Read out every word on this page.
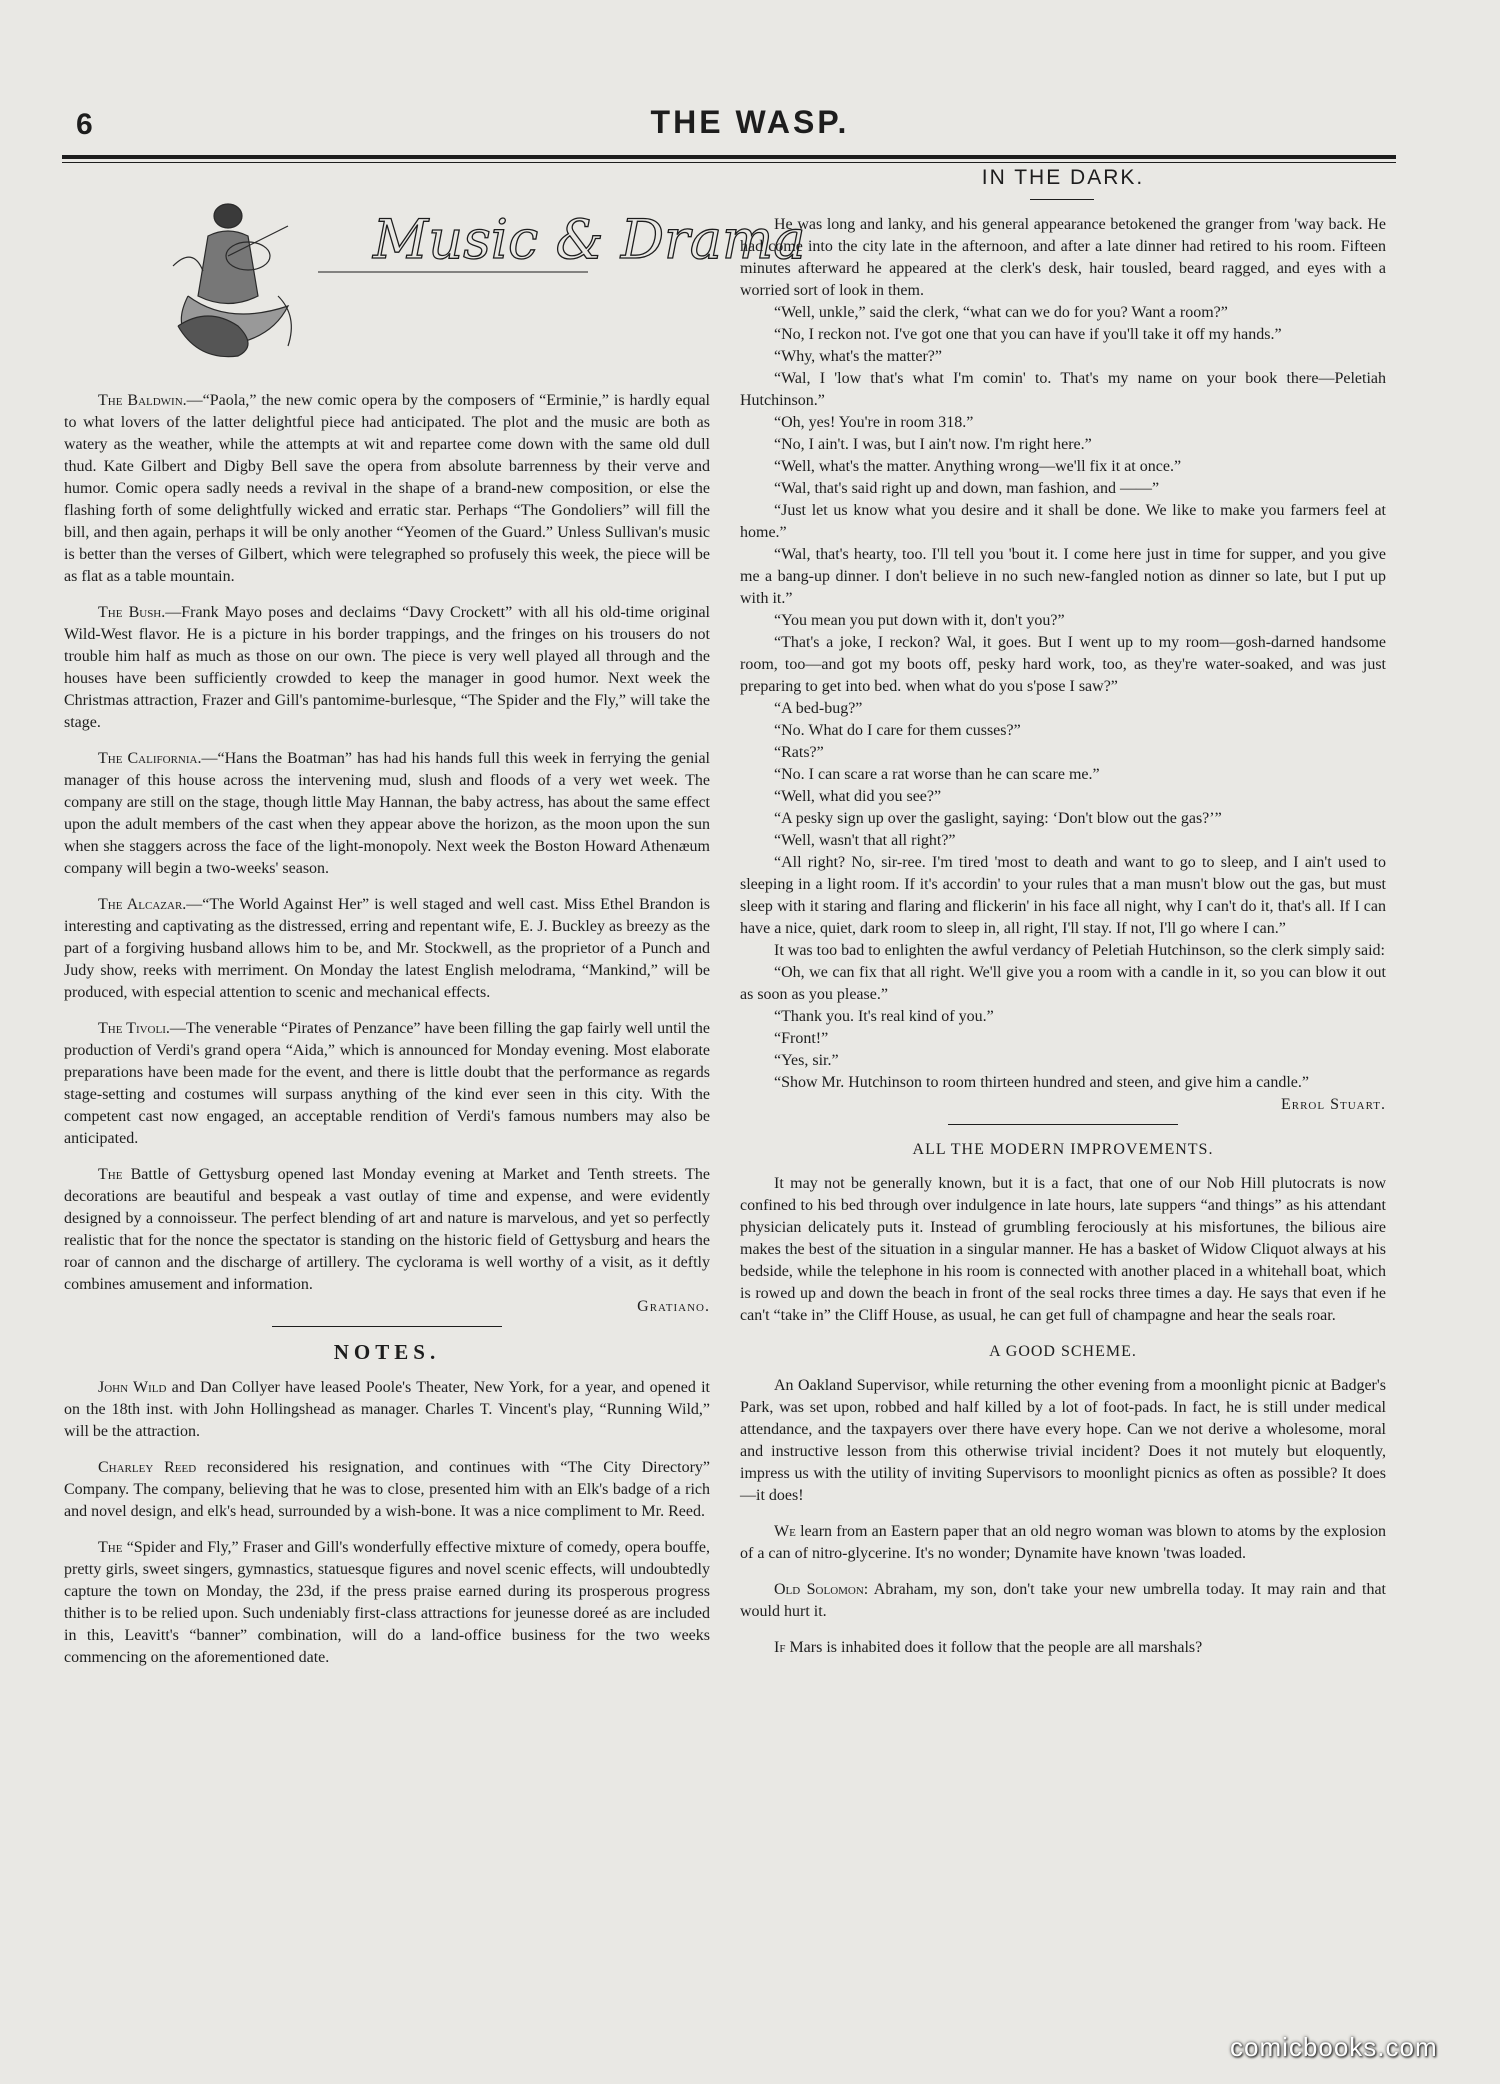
6	THE WASP.
Music & Drama

The Baldwin.—“Paola,” the new comic opera by the composers of “Erminie,” is hardly equal to what lovers of the latter delightful piece had anticipated. The plot and the music are both as watery as the weather, while the attempts at wit and repartee come down with the same old dull thud. Kate Gilbert and Digby Bell save the opera from absolute barrenness by their verve and humor. Comic opera sadly needs a revival in the shape of a brand-new composition, or else the flashing forth of some delightfully wicked and erratic star. Perhaps “The Gondoliers” will fill the bill, and then again, perhaps it will be only another “Yeomen of the Guard.” Unless Sullivan's music is better than the verses of Gilbert, which were telegraphed so profusely this week, the piece will be as flat as a table mountain.

The Bush.—Frank Mayo poses and declaims “Davy Crockett” with all his old-time original Wild-West flavor. He is a picture in his border trappings, and the fringes on his trousers do not trouble him half as much as those on our own. The piece is very well played all through and the houses have been sufficiently crowded to keep the manager in good humor. Next week the Christmas attraction, Frazer and Gill's pantomime-burlesque, “The Spider and the Fly,” will take the stage.

The California.—“Hans the Boatman” has had his hands full this week in ferrying the genial manager of this house across the intervening mud, slush and floods of a very wet week. The company are still on the stage, though little May Hannan, the baby actress, has about the same effect upon the adult members of the cast when they appear above the horizon, as the moon upon the sun when she staggers across the face of the light-monopoly. Next week the Boston Howard Athenæum company will begin a two-weeks' season.

The Alcazar.—“The World Against Her” is well staged and well cast. Miss Ethel Brandon is interesting and captivating as the distressed, erring and repentant wife, E. J. Buckley as breezy as the part of a forgiving husband allows him to be, and Mr. Stockwell, as the proprietor of a Punch and Judy show, reeks with merriment. On Monday the latest English melodrama, “Mankind,” will be produced, with especial attention to scenic and mechanical effects.

The Tivoli.—The venerable “Pirates of Penzance” have been filling the gap fairly well until the production of Verdi's grand opera “Aida,” which is announced for Monday evening. Most elaborate preparations have been made for the event, and there is little doubt that the performance as regards stage-setting and costumes will surpass anything of the kind ever seen in this city. With the competent cast now engaged, an acceptable rendition of Verdi's famous numbers may also be anticipated.

The Battle of Gettysburg opened last Monday evening at Market and Tenth streets. The decorations are beautiful and bespeak a vast outlay of time and expense, and were evidently designed by a connoisseur. The perfect blending of art and nature is marvelous, and yet so perfectly realistic that for the nonce the spectator is standing on the historic field of Gettysburg and hears the roar of cannon and the discharge of artillery. The cyclorama is well worthy of a visit, as it deftly combines amusement and information.

Gratiano.
NOTES.

John Wild and Dan Collyer have leased Poole's Theater, New York, for a year, and opened it on the 18th inst. with John Hollingshead as manager. Charles T. Vincent's play, “Running Wild,” will be the attraction.

Charley Reed reconsidered his resignation, and continues with “The City Directory” Company. The company, believing that he was to close, presented him with an Elk's badge of a rich and novel design, and elk's head, surrounded by a wish-bone. It was a nice compliment to Mr. Reed.

The “Spider and Fly,” Fraser and Gill's wonderfully effective mixture of comedy, opera bouffe, pretty girls, sweet singers, gymnastics, statuesque figures and novel scenic effects, will undoubtedly capture the town on Monday, the 23d, if the press praise earned during its prosperous progress thither is to be relied upon. Such undeniably first-class attractions for jeunesse doreé as are included in this, Leavitt's “banner” combination, will do a land-office business for the two weeks commencing on the aforementioned date.

IN THE DARK.

He was long and lanky, and his general appearance betokened the granger from 'way back. He had come into the city late in the afternoon, and after a late dinner had retired to his room. Fifteen minutes afterward he appeared at the clerk's desk, hair tousled, beard ragged, and eyes with a worried sort of look in them.

“Well, unkle,” said the clerk, “what can we do for you? Want a room?”

“No, I reckon not. I've got one that you can have if you'll take it off my hands.”

“Why, what's the matter?”

“Wal, I 'low that's what I'm comin' to. That's my name on your book there—Peletiah Hutchinson.”

“Oh, yes! You're in room 318.”

“No, I ain't. I was, but I ain't now. I'm right here.”

“Well, what's the matter. Anything wrong—we'll fix it at once.”

“Wal, that's said right up and down, man fashion, and ——”

“Just let us know what you desire and it shall be done. We like to make you farmers feel at home.”

“Wal, that's hearty, too. I'll tell you 'bout it. I come here just in time for supper, and you give me a bang-up dinner. I don't believe in no such new-fangled notion as dinner so late, but I put up with it.”

“You mean you put down with it, don't you?”

“That's a joke, I reckon? Wal, it goes. But I went up to my room—gosh-darned handsome room, too—and got my boots off, pesky hard work, too, as they're water-soaked, and was just preparing to get into bed. when what do you s'pose I saw?”

“A bed-bug?”

“No. What do I care for them cusses?”

“Rats?”

“No. I can scare a rat worse than he can scare me.”

“Well, what did you see?”

“A pesky sign up over the gaslight, saying: ‘Don't blow out the gas?’”

“Well, wasn't that all right?”

“All right? No, sir-ree. I'm tired 'most to death and want to go to sleep, and I ain't used to sleeping in a light room. If it's accordin' to your rules that a man musn't blow out the gas, but must sleep with it staring and flaring and flickerin' in his face all night, why I can't do it, that's all. If I can have a nice, quiet, dark room to sleep in, all right, I'll stay. If not, I'll go where I can.”

It was too bad to enlighten the awful verdancy of Peletiah Hutchinson, so the clerk simply said:

“Oh, we can fix that all right. We'll give you a room with a candle in it, so you can blow it out as soon as you please.”

“Thank you. It's real kind of you.”

“Front!”

“Yes, sir.”

“Show Mr. Hutchinson to room thirteen hundred and steen, and give him a candle.”

Errol Stuart.
ALL THE MODERN IMPROVEMENTS.

It may not be generally known, but it is a fact, that one of our Nob Hill plutocrats is now confined to his bed through over indulgence in late hours, late suppers “and things” as his attendant physician delicately puts it. Instead of grumbling ferociously at his misfortunes, the bilious aire makes the best of the situation in a singular manner. He has a basket of Widow Cliquot always at his bedside, while the telephone in his room is connected with another placed in a whitehall boat, which is rowed up and down the beach in front of the seal rocks three times a day. He says that even if he can't “take in” the Cliff House, as usual, he can get full of champagne and hear the seals roar.

A GOOD SCHEME.

An Oakland Supervisor, while returning the other evening from a moonlight picnic at Badger's Park, was set upon, robbed and half killed by a lot of foot-pads. In fact, he is still under medical attendance, and the taxpayers over there have every hope. Can we not derive a wholesome, moral and instructive lesson from this otherwise trivial incident? Does it not mutely but eloquently, impress us with the utility of inviting Supervisors to moonlight picnics as often as possible? It does—it does!

We learn from an Eastern paper that an old negro woman was blown to atoms by the explosion of a can of nitro-glycerine. It's no wonder; Dynamite have known 'twas loaded.

Old Solomon: Abraham, my son, don't take your new umbrella today. It may rain and that would hurt it.

If Mars is inhabited does it follow that the people are all marshals?

comicbooks.com
